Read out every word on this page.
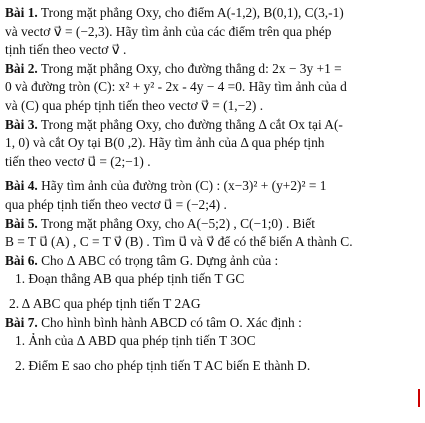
Bài 1. Trong mặt phẳng Oxy, cho điểm A(-1,2), B(0,1), C(3,-1)
và vectơ v⃗ = (−2,3). Hãy tìm ảnh của các điểm trên qua phép
tịnh tiến theo vectơ v⃗ .
Bài 2. Trong mặt phẳng Oxy, cho đường thẳng d: 2x − 3y +1 =
0 và đường tròn (C): x² + y² - 2x - 4y − 4 =0. Hãy tìm ảnh của d
và (C) qua phép tịnh tiến theo vectơ v⃗ = (1,−2) .
Bài 3. Trong mặt phẳng Oxy, cho đường thẳng Δ cắt Ox tại A(-
1, 0) và cắt Oy tại B(0 ,2). Hãy tìm ảnh của Δ qua phép tịnh
tiến theo vectơ u⃗ = (2;−1) .
Bài 4. Hãy tìm ảnh của đường tròn (C) : (x−3)² + (y+2)² = 1
qua phép tịnh tiến theo vectơ u⃗ = (−2;4) .
Bài 5. Trong mặt phẳng Oxy, cho A(−5;2) , C(−1;0) . Biết
B = T u⃗ (A) , C = T v⃗ (B) . Tìm u⃗ và v⃗ để có thể biến A thành C.
Bài 6. Cho Δ ABC có trọng tâm G. Dựng ảnh của :
1. Đoạn thẳng AB qua phép tịnh tiến T GC
2. Δ ABC qua phép tịnh tiến T 2AG
Bài 7. Cho hình bình hành ABCD có tâm O. Xác định :
1. Ảnh của Δ ABD qua phép tịnh tiến T 3OC
2. Điểm E sao cho phép tịnh tiến T AC biến E thành D.
